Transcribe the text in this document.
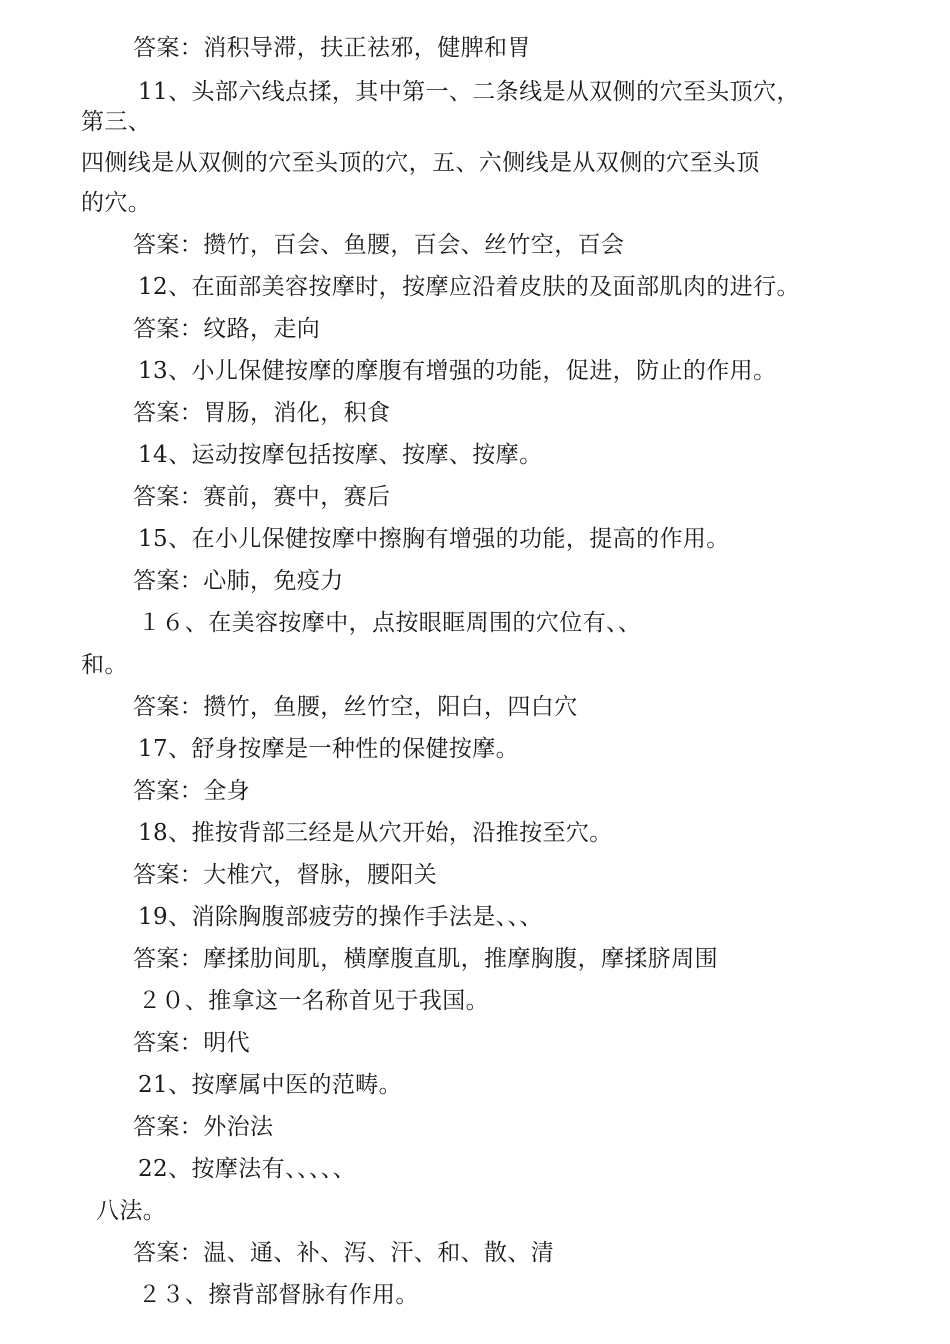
答案：消积导滞，扶正祛邪，健脾和胃
11、头部六线点揉，其中第一、二条线是从双侧的穴至头顶穴，
第三、
四侧线是从双侧的穴至头顶的穴，五、六侧线是从双侧的穴至头顶
的穴。
答案：攒竹，百会、鱼腰，百会、丝竹空，百会
12、在面部美容按摩时，按摩应沿着皮肤的及面部肌肉的进行。
答案：纹路，走向
13、小儿保健按摩的摩腹有增强的功能，促进，防止的作用。
答案：胃肠，消化，积食
14、运动按摩包括按摩、按摩、按摩。
答案：赛前，赛中，赛后
15、在小儿保健按摩中擦胸有增强的功能，提高的作用。
答案：心肺，免疫力
１６、在美容按摩中，点按眼眶周围的穴位有、、
和。
答案：攒竹，鱼腰，丝竹空，阳白，四白穴
17、舒身按摩是一种性的保健按摩。
答案：全身
18、推按背部三经是从穴开始，沿推按至穴。
答案：大椎穴，督脉，腰阳关
19、消除胸腹部疲劳的操作手法是、、、
答案：摩揉肋间肌，横摩腹直肌，推摩胸腹，摩揉脐周围
２０、推拿这一名称首见于我国。
答案：明代
21、按摩属中医的范畴。
答案：外治法
22、按摩法有、、、、、
八法。
答案：温、通、补、泻、汗、和、散、清
２３、擦背部督脉有作用。
